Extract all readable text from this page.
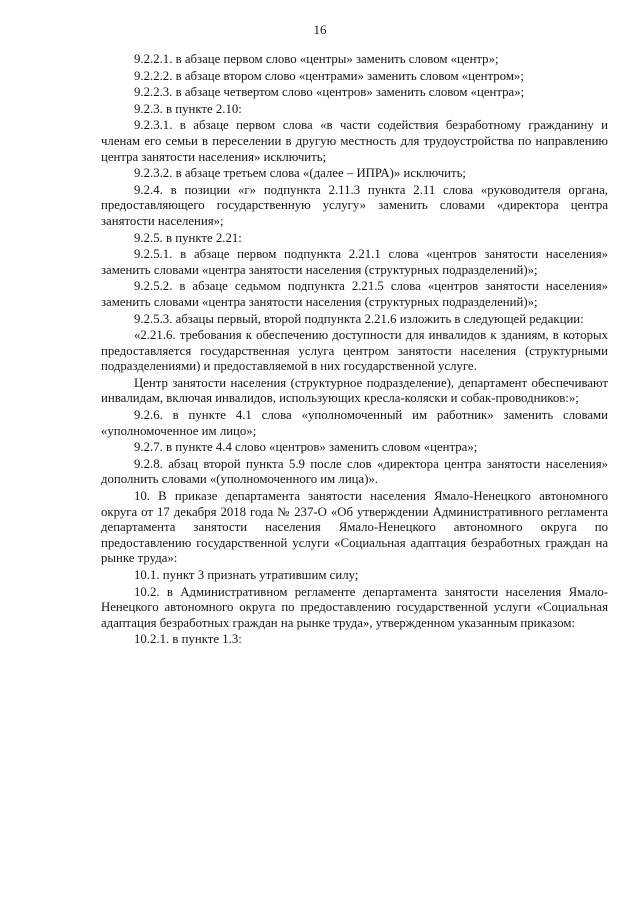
16

9.2.2.1. в абзаце первом слово «центры» заменить словом «центр»;

9.2.2.2. в абзаце втором слово «центрами» заменить словом «центром»;

9.2.2.3. в абзаце четвертом слово «центров» заменить словом «центра»;

9.2.3. в пункте 2.10:

9.2.3.1. в абзаце первом слова «в части содействия безработному гражданину и членам его семьи в переселении в другую местность для трудоустройства по направлению центра занятости населения» исключить;

9.2.3.2. в абзаце третьем слова «(далее – ИПРА)» исключить;

9.2.4. в позиции «г» подпункта 2.11.3 пункта 2.11 слова «руководителя органа, предоставляющего государственную услугу» заменить словами «директора центра занятости населения»;

9.2.5. в пункте 2.21:

9.2.5.1. в абзаце первом подпункта 2.21.1 слова «центров занятости населения» заменить словами «центра занятости населения (структурных подразделений)»;

9.2.5.2. в абзаце седьмом подпункта 2.21.5 слова «центров занятости населения» заменить словами «центра занятости населения (структурных подразделений)»;

9.2.5.3. абзацы первый, второй подпункта 2.21.6 изложить в следующей редакции:

«2.21.6. требования к обеспечению доступности для инвалидов к зданиям, в которых предоставляется государственная услуга центром занятости населения (структурными подразделениями) и предоставляемой в них государственной услуге.

Центр занятости населения (структурное подразделение), департамент обеспечивают инвалидам, включая инвалидов, использующих кресла-коляски и собак-проводников:»;

9.2.6. в пункте 4.1 слова «уполномоченный им работник» заменить словами «уполномоченное им лицо»;

9.2.7. в пункте 4.4 слово «центров» заменить словом «центра»;

9.2.8. абзац второй пункта 5.9 после слов «директора центра занятости населения» дополнить словами «(уполномоченного им лица)».

10. В приказе департамента занятости населения Ямало-Ненецкого автономного округа от 17 декабря 2018 года № 237-О «Об утверждении Административного регламента департамента занятости населения Ямало-Ненецкого автономного округа по предоставлению государственной услуги «Социальная адаптация безработных граждан на рынке труда»:

10.1. пункт 3 признать утратившим силу;

10.2. в Административном регламенте департамента занятости населения Ямало-Ненецкого автономного округа по предоставлению государственной услуги «Социальная адаптация безработных граждан на рынке труда», утвержденном указанным приказом:

10.2.1. в пункте 1.3:
